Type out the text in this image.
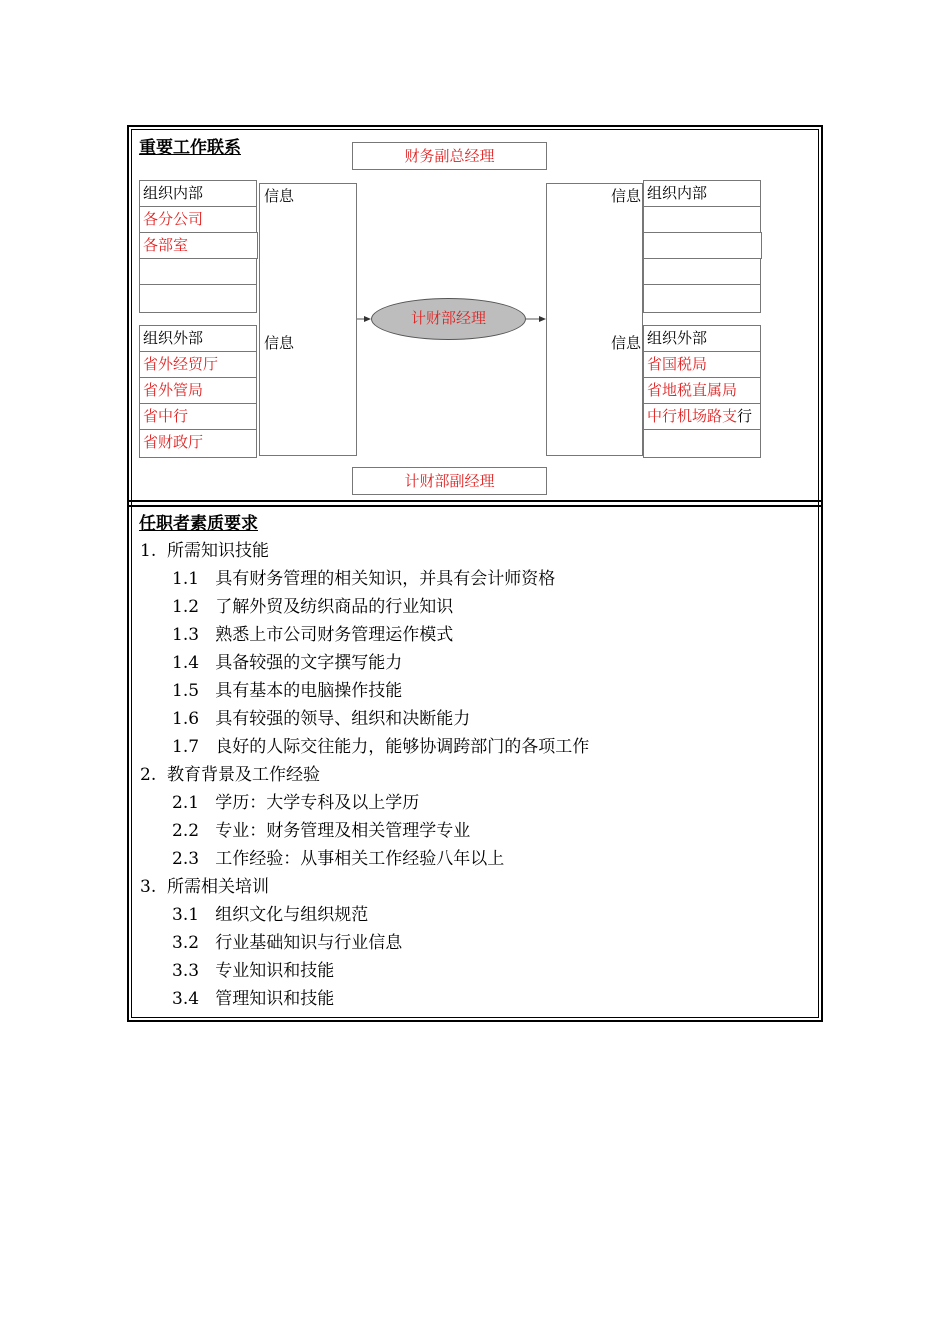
重要工作联系	财务副总经理
计财部副经理
计财部经理
信息
信息
信息
信息
组织内部
各分公司
各部室
组织外部
省外经贸厅
省外管局
省中行
省财政厅
组织内部
组织外部
省国税局
省地税直属局
中行机场路支行
任职者素质要求
1. 所需知识技能
1.1 具有财务管理的相关知识，并具有会计师资格
1.2 了解外贸及纺织商品的行业知识
1.3 熟悉上市公司财务管理运作模式
1.4 具备较强的文字撰写能力
1.5 具有基本的电脑操作技能
1.6 具有较强的领导、组织和决断能力
1.7 良好的人际交往能力，能够协调跨部门的各项工作
2. 教育背景及工作经验
2.1 学历：大学专科及以上学历
2.2 专业：财务管理及相关管理学专业
2.3 工作经验：从事相关工作经验八年以上
3. 所需相关培训
3.1 组织文化与组织规范
3.2 行业基础知识与行业信息
3.3 专业知识和技能
3.4 管理知识和技能
